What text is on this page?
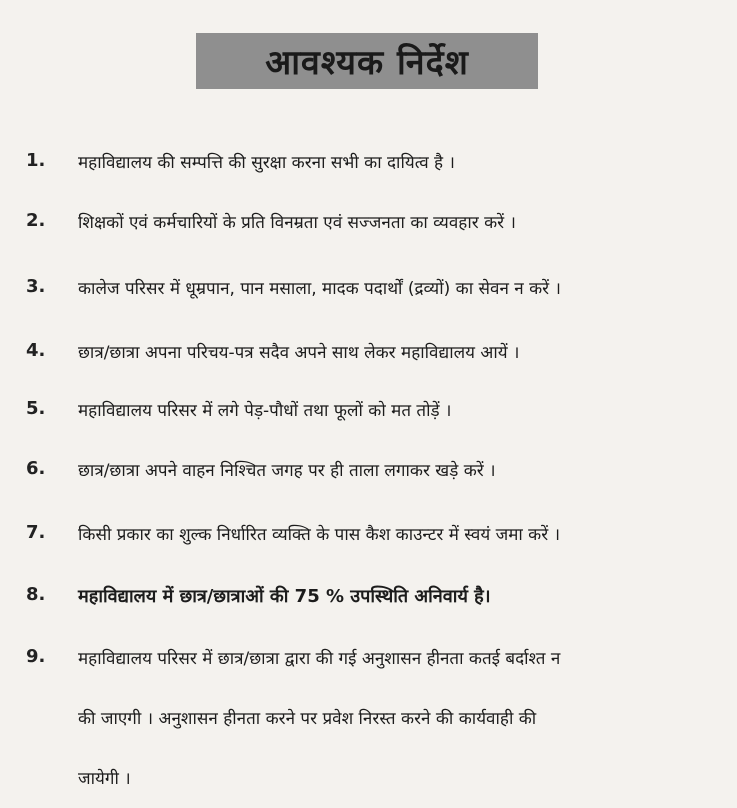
आवश्यक निर्देश
1.	महाविद्यालय की सम्पत्ति की सुरक्षा करना सभी का दायित्व है ।
2.	शिक्षकों एवं कर्मचारियों के प्रति विनम्रता एवं सज्जनता का व्यवहार करें ।
3.	कालेज परिसर में धूम्रपान, पान मसाला, मादक पदार्थों (द्रव्यों) का सेवन न करें ।
4.	छात्र/छात्रा अपना परिचय-पत्र सदैव अपने साथ लेकर महाविद्यालय आयें ।
5.	महाविद्यालय परिसर में लगे पेड़-पौधों तथा फूलों को मत तोड़ें ।
6.	छात्र/छात्रा अपने वाहन निश्चित जगह पर ही ताला लगाकर खड़े करें ।
7.	किसी प्रकार का शुल्क निर्धारित व्यक्ति के पास कैश काउन्टर में स्वयं जमा करें ।
8.	महाविद्यालय में छात्र/छात्राओं की 75 % उपस्थिति अनिवार्य है।
9.	महाविद्यालय परिसर में छात्र/छात्रा द्वारा की गई अनुशासन हीनता कतई बर्दाश्त न
की जाएगी । अनुशासन हीनता करने पर प्रवेश निरस्त करने की कार्यवाही की
जायेगी ।
